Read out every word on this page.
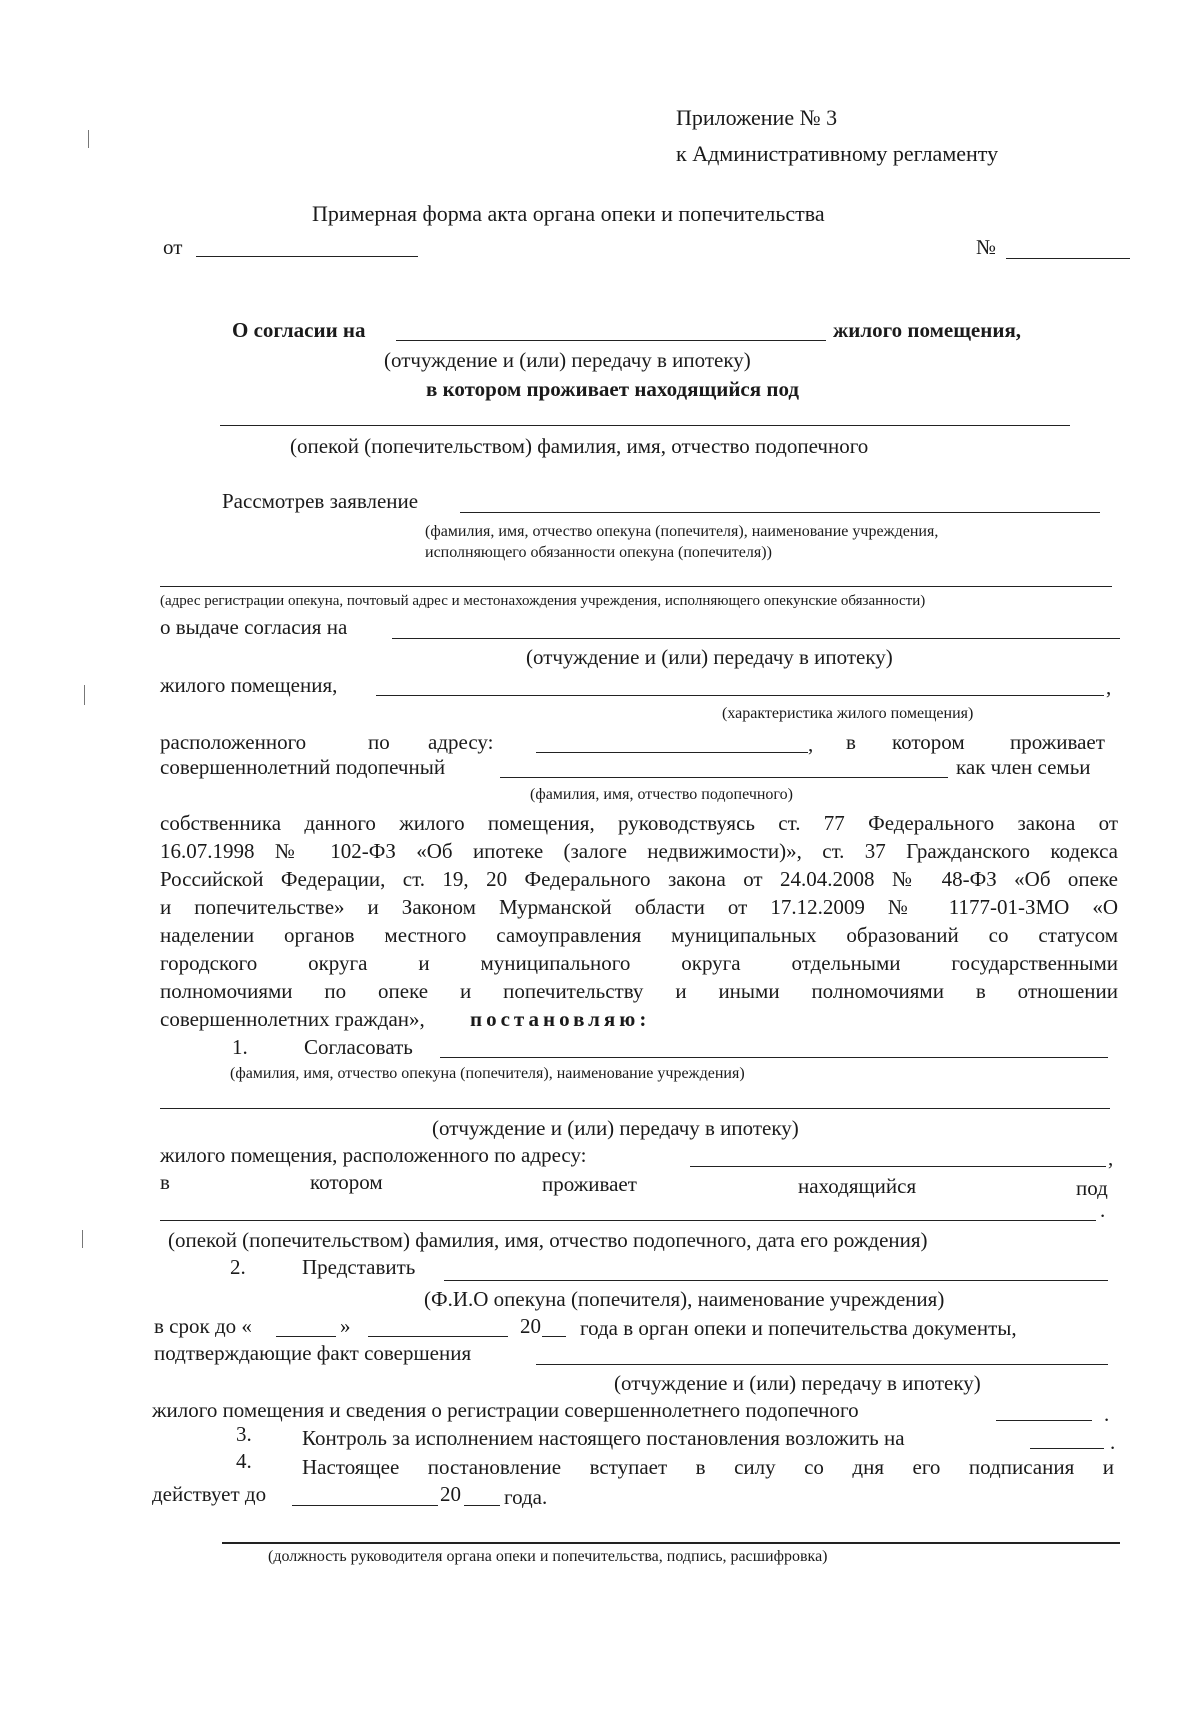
Приложение № 3
к Административному регламенту
Примерная форма акта органа опеки и попечительства
от	№
О согласии на	жилого помещения,
(отчуждение и (или) передачу в ипотеку)
в котором проживает находящийся под
(опекой (попечительством) фамилия, имя, отчество подопечного
Рассмотрев заявление
(фамилия, имя, отчество опекуна (попечителя), наименование учреждения,
исполняющего обязанности опекуна (попечителя))
(адрес регистрации опекуна, почтовый адрес и местонахождения учреждения, исполняющего опекунские обязанности)
о выдаче согласия на
(отчуждение и (или) передачу в ипотеку)
жилого помещения,	,
(характеристика жилого помещения)
расположенного	по адресу:	, в котором проживает
совершеннолетний подопечный	как член семьи
(фамилия, имя, отчество подопечного)
собственника данного жилого помещения, руководствуясь ст. 77 Федерального закона от
16.07.1998 № 102-ФЗ «Об ипотеке (залоге недвижимости)», ст. 37 Гражданского кодекса
Российской Федерации, ст. 19, 20 Федерального закона от 24.04.2008 № 48-ФЗ «Об опеке
и попечительстве» и Законом Мурманской области от 17.12.2009 № 1177-01-ЗМО «О
наделении органов местного самоуправления муниципальных образований со статусом
городского округа и муниципального округа отдельными государственными
полномочиями по опеке и попечительству и иными полномочиями в отношении
совершеннолетних граждан», постановляю:
1.	Согласовать
(фамилия, имя, отчество опекуна (попечителя), наименование учреждения)
(отчуждение и (или) передачу в ипотеку)
жилого помещения, расположенного по адресу:	,
в	котором	проживает	находящийся	под
.
(опекой (попечительством) фамилия, имя, отчество подопечного, дата его рождения)
2.	Представить
(Ф.И.О опекуна (попечителя), наименование учреждения)
в срок до «	»	20 года в орган опеки и попечительства документы,
подтверждающие факт совершения
(отчуждение и (или) передачу в ипотеку)
жилого помещения и сведения о регистрации совершеннолетнего подопечного	.
3. Контроль за исполнением настоящего постановления возложить на	.
4. Настоящее постановление вступает в силу со дня его подписания и
действует до	20 года.
(должность руководителя органа опеки и попечительства, подпись, расшифровка)
